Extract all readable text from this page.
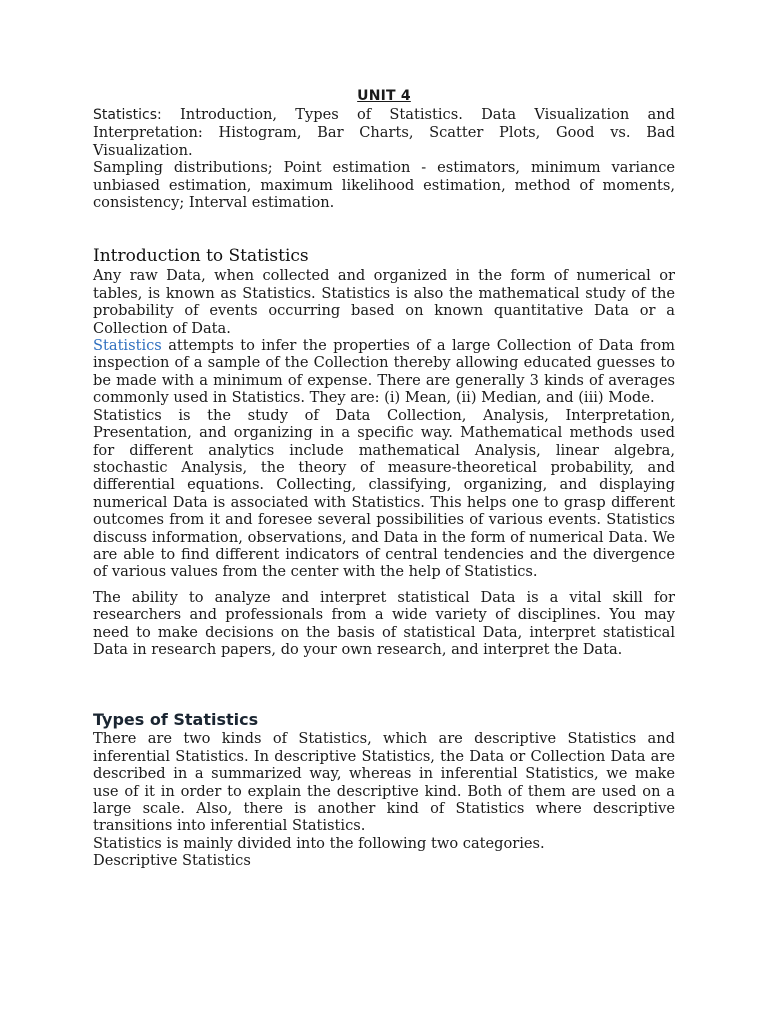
UNIT 4

Statistics: Introduction, Types of Statistics. Data Visualization and Interpretation: Histogram, Bar Charts, Scatter Plots, Good vs. Bad Visualization.

Sampling distributions; Point estimation - estimators, minimum variance unbiased estimation, maximum likelihood estimation, method of moments, consistency; Interval estimation.

Introduction to Statistics

Any raw Data, when collected and organized in the form of numerical or tables, is known as Statistics. Statistics is also the mathematical study of the probability of events occurring based on known quantitative Data or a Collection of Data.

Statistics attempts to infer the properties of a large Collection of Data from inspection of a sample of the Collection thereby allowing educated guesses to be made with a minimum of expense. There are generally 3 kinds of averages commonly used in Statistics. They are: (i) Mean, (ii) Median, and (iii) Mode.

Statistics is the study of Data Collection, Analysis, Interpretation, Presentation, and organizing in a specific way. Mathematical methods used for different analytics include mathematical Analysis, linear algebra, stochastic Analysis, the theory of measure-theoretical probability, and differential equations. Collecting, classifying, organizing, and displaying numerical Data is associated with Statistics. This helps one to grasp different outcomes from it and foresee several possibilities of various events. Statistics discuss information, observations, and Data in the form of numerical Data. We are able to find different indicators of central tendencies and the divergence of various values from the center with the help of Statistics.

The ability to analyze and interpret statistical Data is a vital skill for researchers and professionals from a wide variety of disciplines. You may need to make decisions on the basis of statistical Data, interpret statistical Data in research papers, do your own research, and interpret the Data.

Types of Statistics

There are two kinds of Statistics, which are descriptive Statistics and inferential Statistics. In descriptive Statistics, the Data or Collection Data are described in a summarized way, whereas in inferential Statistics, we make use of it in order to explain the descriptive kind. Both of them are used on a large scale. Also, there is another kind of Statistics where descriptive transitions into inferential Statistics.

Statistics is mainly divided into the following two categories.

Descriptive Statistics
